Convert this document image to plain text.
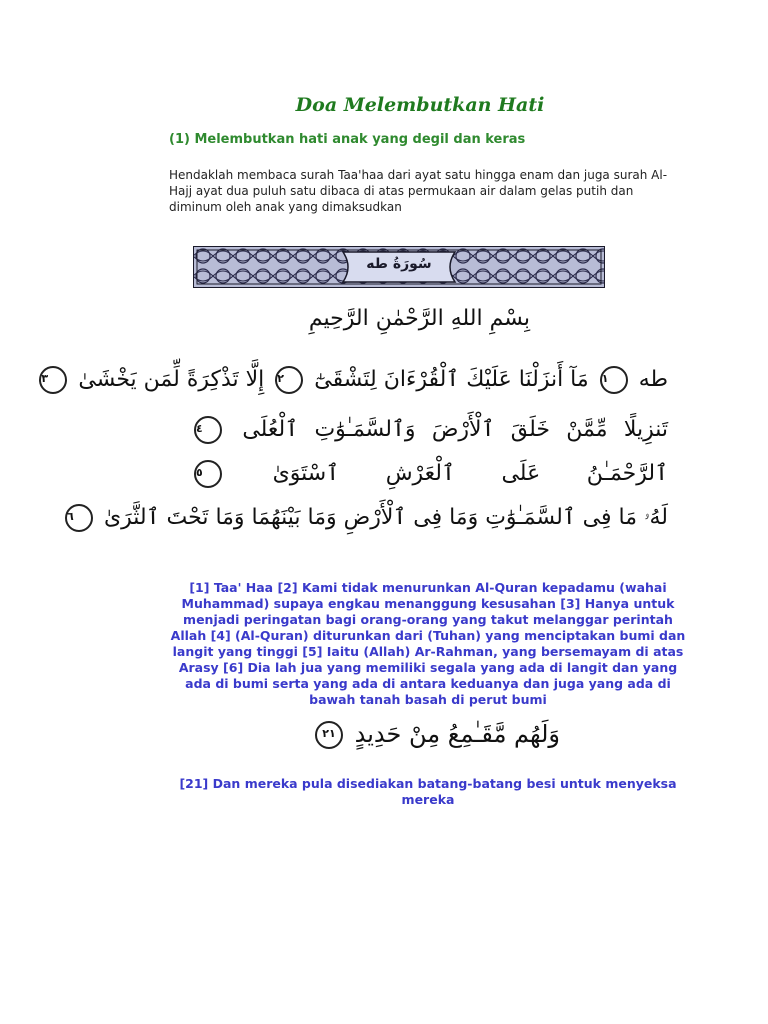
Doa Melembutkan Hati
(1) Melembutkan hati anak yang degil dan keras
Hendaklah membaca surah Taa'haa dari ayat satu hingga enam dan juga surah Al-Hajj ayat dua puluh satu dibaca di atas permukaan air dalam gelas putih dan diminum oleh anak yang dimaksudkan
سُورَةُ طه
بِسْمِ اللهِ الرَّحْمٰنِ الرَّحِيمِ
طه ١ مَآ أَنزَلْنَا عَلَيْكَ ٱلْقُرْءَانَ لِتَشْقَىٰٓ ٢ إِلَّا تَذْكِرَةً لِّمَن يَخْشَىٰ ٣
تَنزِيلًا مِّمَّنْ خَلَقَ ٱلْأَرْضَ وَٱلسَّمَـٰوَٰتِ ٱلْعُلَى ٤
ٱلرَّحْمَـٰنُ عَلَى ٱلْعَرْشِ ٱسْتَوَىٰ ٥
لَهُۥ مَا فِى ٱلسَّمَـٰوَٰتِ وَمَا فِى ٱلْأَرْضِ وَمَا بَيْنَهُمَا وَمَا تَحْتَ ٱلثَّرَىٰ ٦
[1] Taa' Haa [2] Kami tidak menurunkan Al-Quran kepadamu (wahai Muhammad) supaya engkau menanggung kesusahan [3] Hanya untuk menjadi peringatan bagi orang-orang yang takut melanggar perintah Allah [4] (Al-Quran) diturunkan dari (Tuhan) yang menciptakan bumi dan langit yang tinggi [5] Iaitu (Allah) Ar-Rahman, yang bersemayam di atas Arasy [6] Dia lah jua yang memiliki segala yang ada di langit dan yang ada di bumi serta yang ada di antara keduanya dan juga yang ada di bawah tanah basah di perut bumi
وَلَهُم مَّقَـٰمِعُ مِنْ حَدِيدٍ ٢١
[21] Dan mereka pula disediakan batang-batang besi untuk menyeksa mereka
